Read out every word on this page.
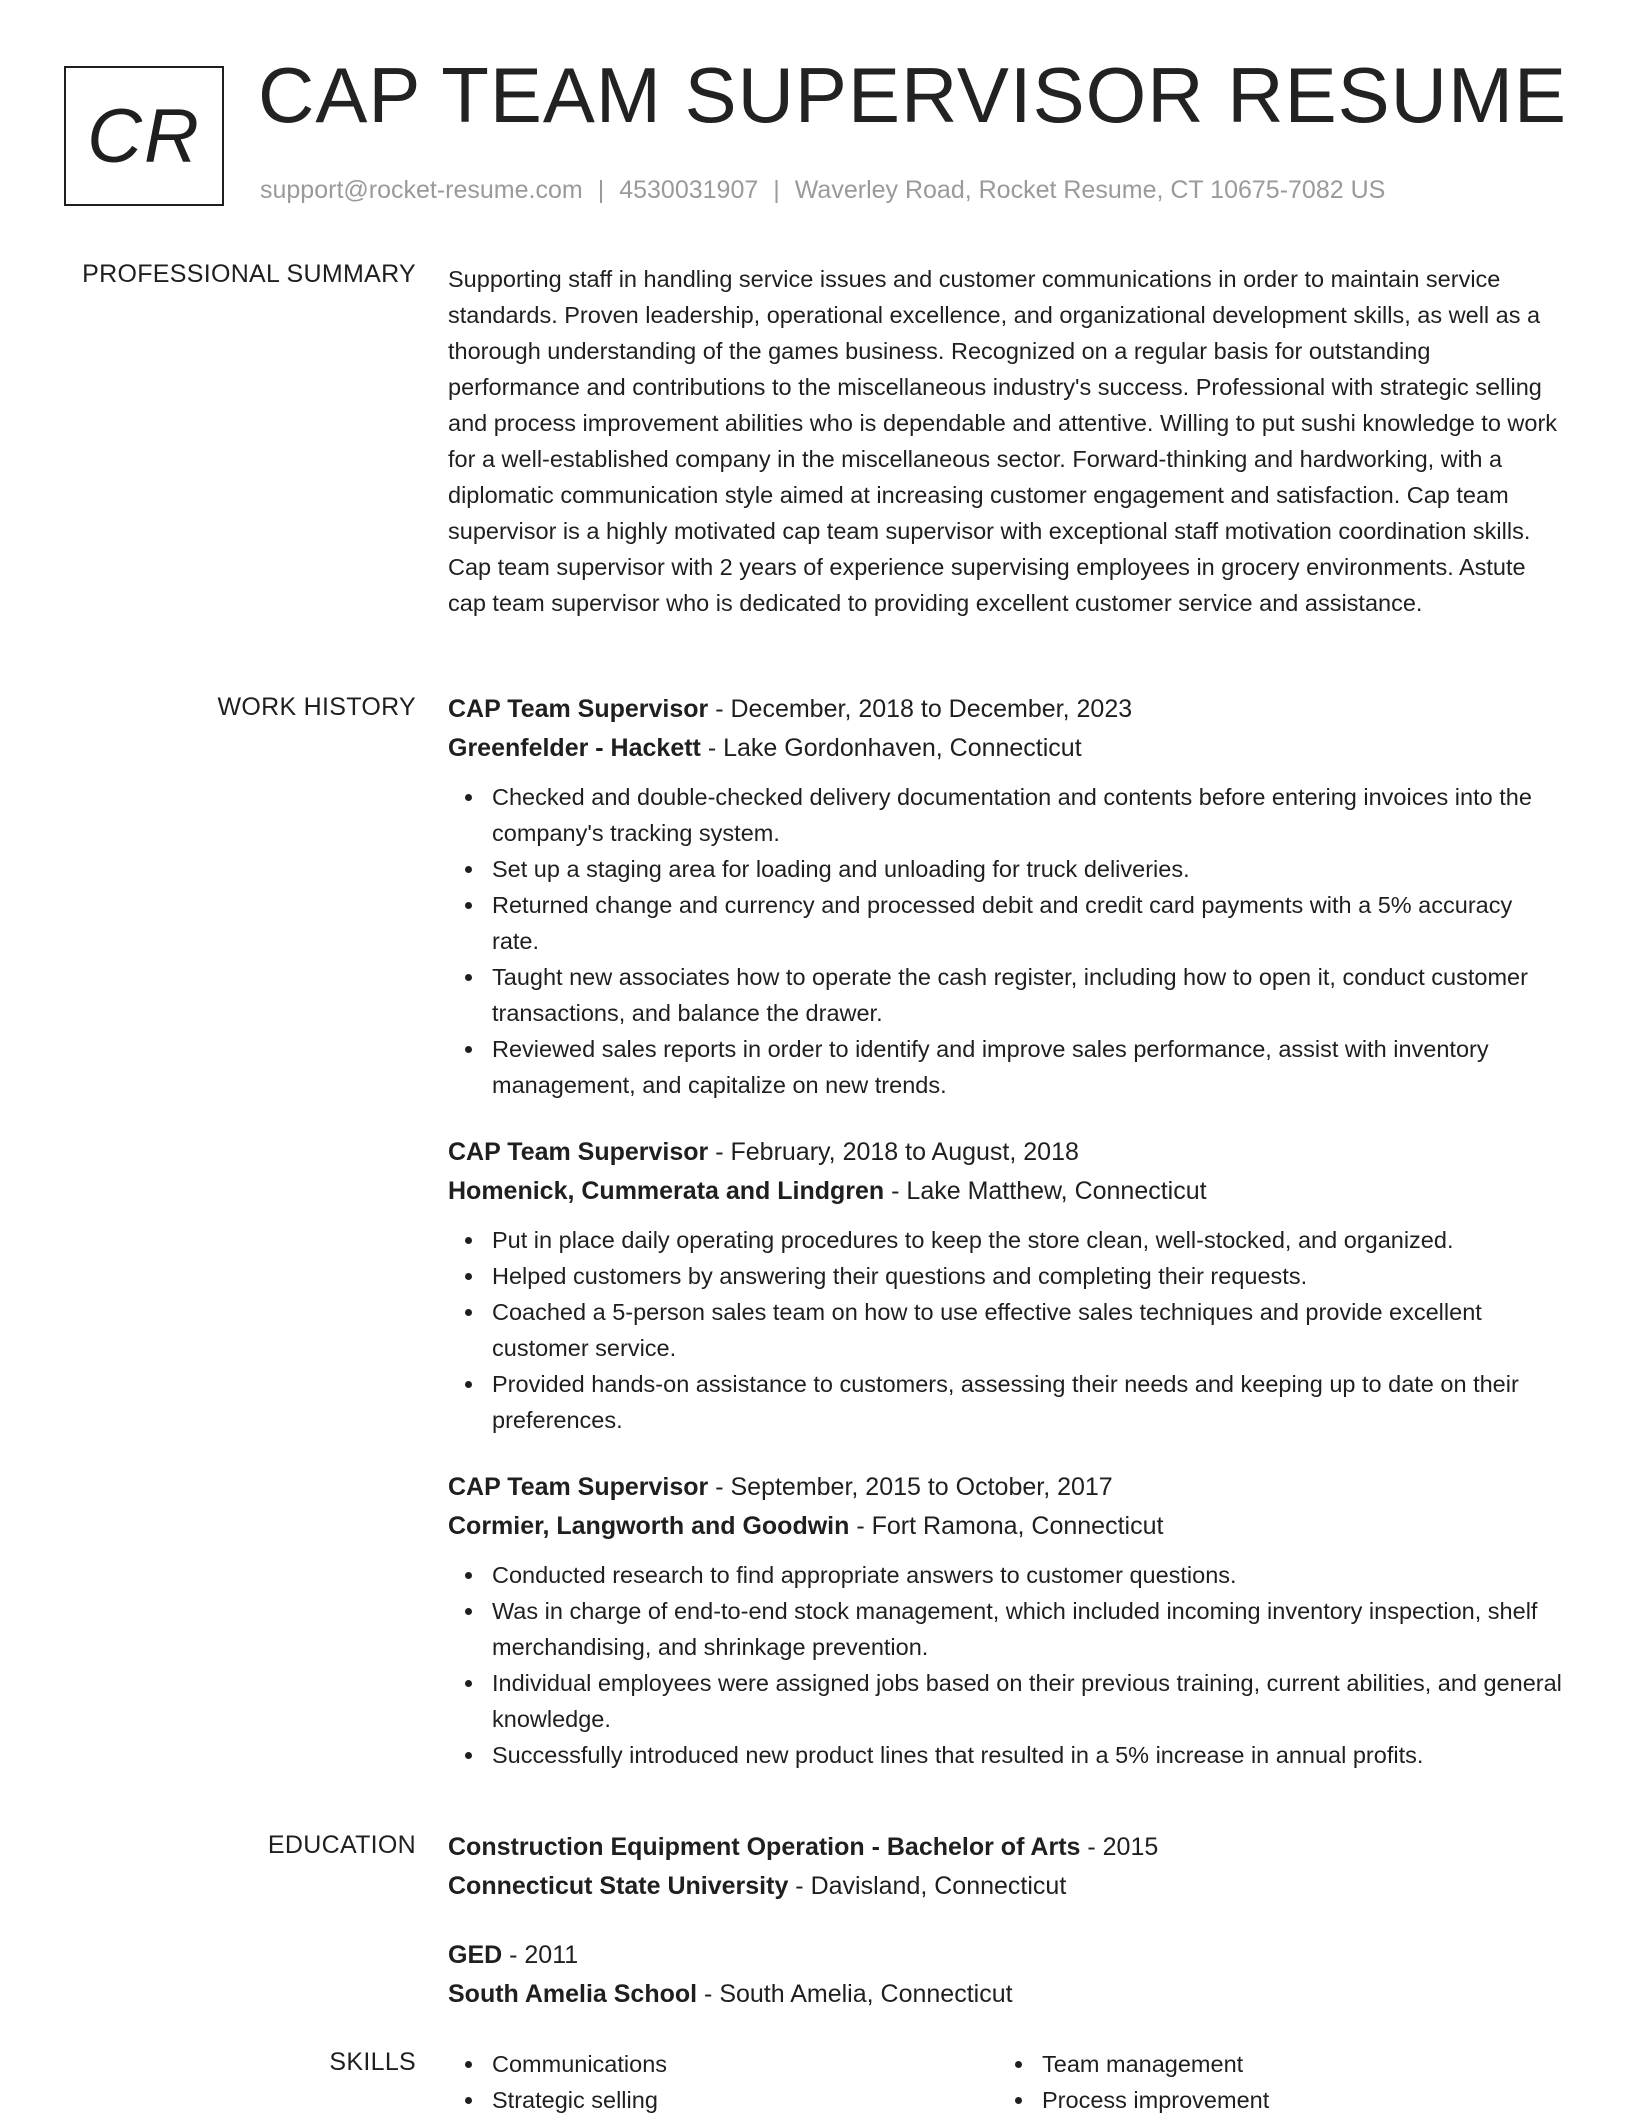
CR CAP TEAM SUPERVISOR RESUME
support@rocket-resume.com | 4530031907 | Waverley Road, Rocket Resume, CT 10675-7082 US
PROFESSIONAL SUMMARY Supporting staff in handling service issues and customer communications in order to maintain service standards. Proven leadership, operational excellence, and organizational development skills, as well as a thorough understanding of the games business. Recognized on a regular basis for outstanding performance and contributions to the miscellaneous industry's success. Professional with strategic selling and process improvement abilities who is dependable and attentive. Willing to put sushi knowledge to work for a well-established company in the miscellaneous sector. Forward-thinking and hardworking, with a diplomatic communication style aimed at increasing customer engagement and satisfaction. Cap team supervisor is a highly motivated cap team supervisor with exceptional staff motivation coordination skills. Cap team supervisor with 2 years of experience supervising employees in grocery environments. Astute cap team supervisor who is dedicated to providing excellent customer service and assistance.

WORK HISTORY CAP Team Supervisor - December, 2018 to December, 2023
Greenfelder - Hackett - Lake Gordonhaven, Connecticut
Checked and double-checked delivery documentation and contents before entering invoices into the company's tracking system.
Set up a staging area for loading and unloading for truck deliveries.
Returned change and currency and processed debit and credit card payments with a 5% accuracy rate.
Taught new associates how to operate the cash register, including how to open it, conduct customer transactions, and balance the drawer.
Reviewed sales reports in order to identify and improve sales performance, assist with inventory management, and capitalize on new trends.
CAP Team Supervisor - February, 2018 to August, 2018
Homenick, Cummerata and Lindgren - Lake Matthew, Connecticut
Put in place daily operating procedures to keep the store clean, well-stocked, and organized.
Helped customers by answering their questions and completing their requests.
Coached a 5-person sales team on how to use effective sales techniques and provide excellent customer service.
Provided hands-on assistance to customers, assessing their needs and keeping up to date on their preferences.
CAP Team Supervisor - September, 2015 to October, 2017
Cormier, Langworth and Goodwin - Fort Ramona, Connecticut
Conducted research to find appropriate answers to customer questions.
Was in charge of end-to-end stock management, which included incoming inventory inspection, shelf merchandising, and shrinkage prevention.
Individual employees were assigned jobs based on their previous training, current abilities, and general knowledge.
Successfully introduced new product lines that resulted in a 5% increase in annual profits.
EDUCATION Construction Equipment Operation - Bachelor of Arts - 2015
Connecticut State University - Davisland, Connecticut
GED - 2011
South Amelia School - South Amelia, Connecticut
SKILLS	Communications
Strategic selling
Team management
Process improvement
